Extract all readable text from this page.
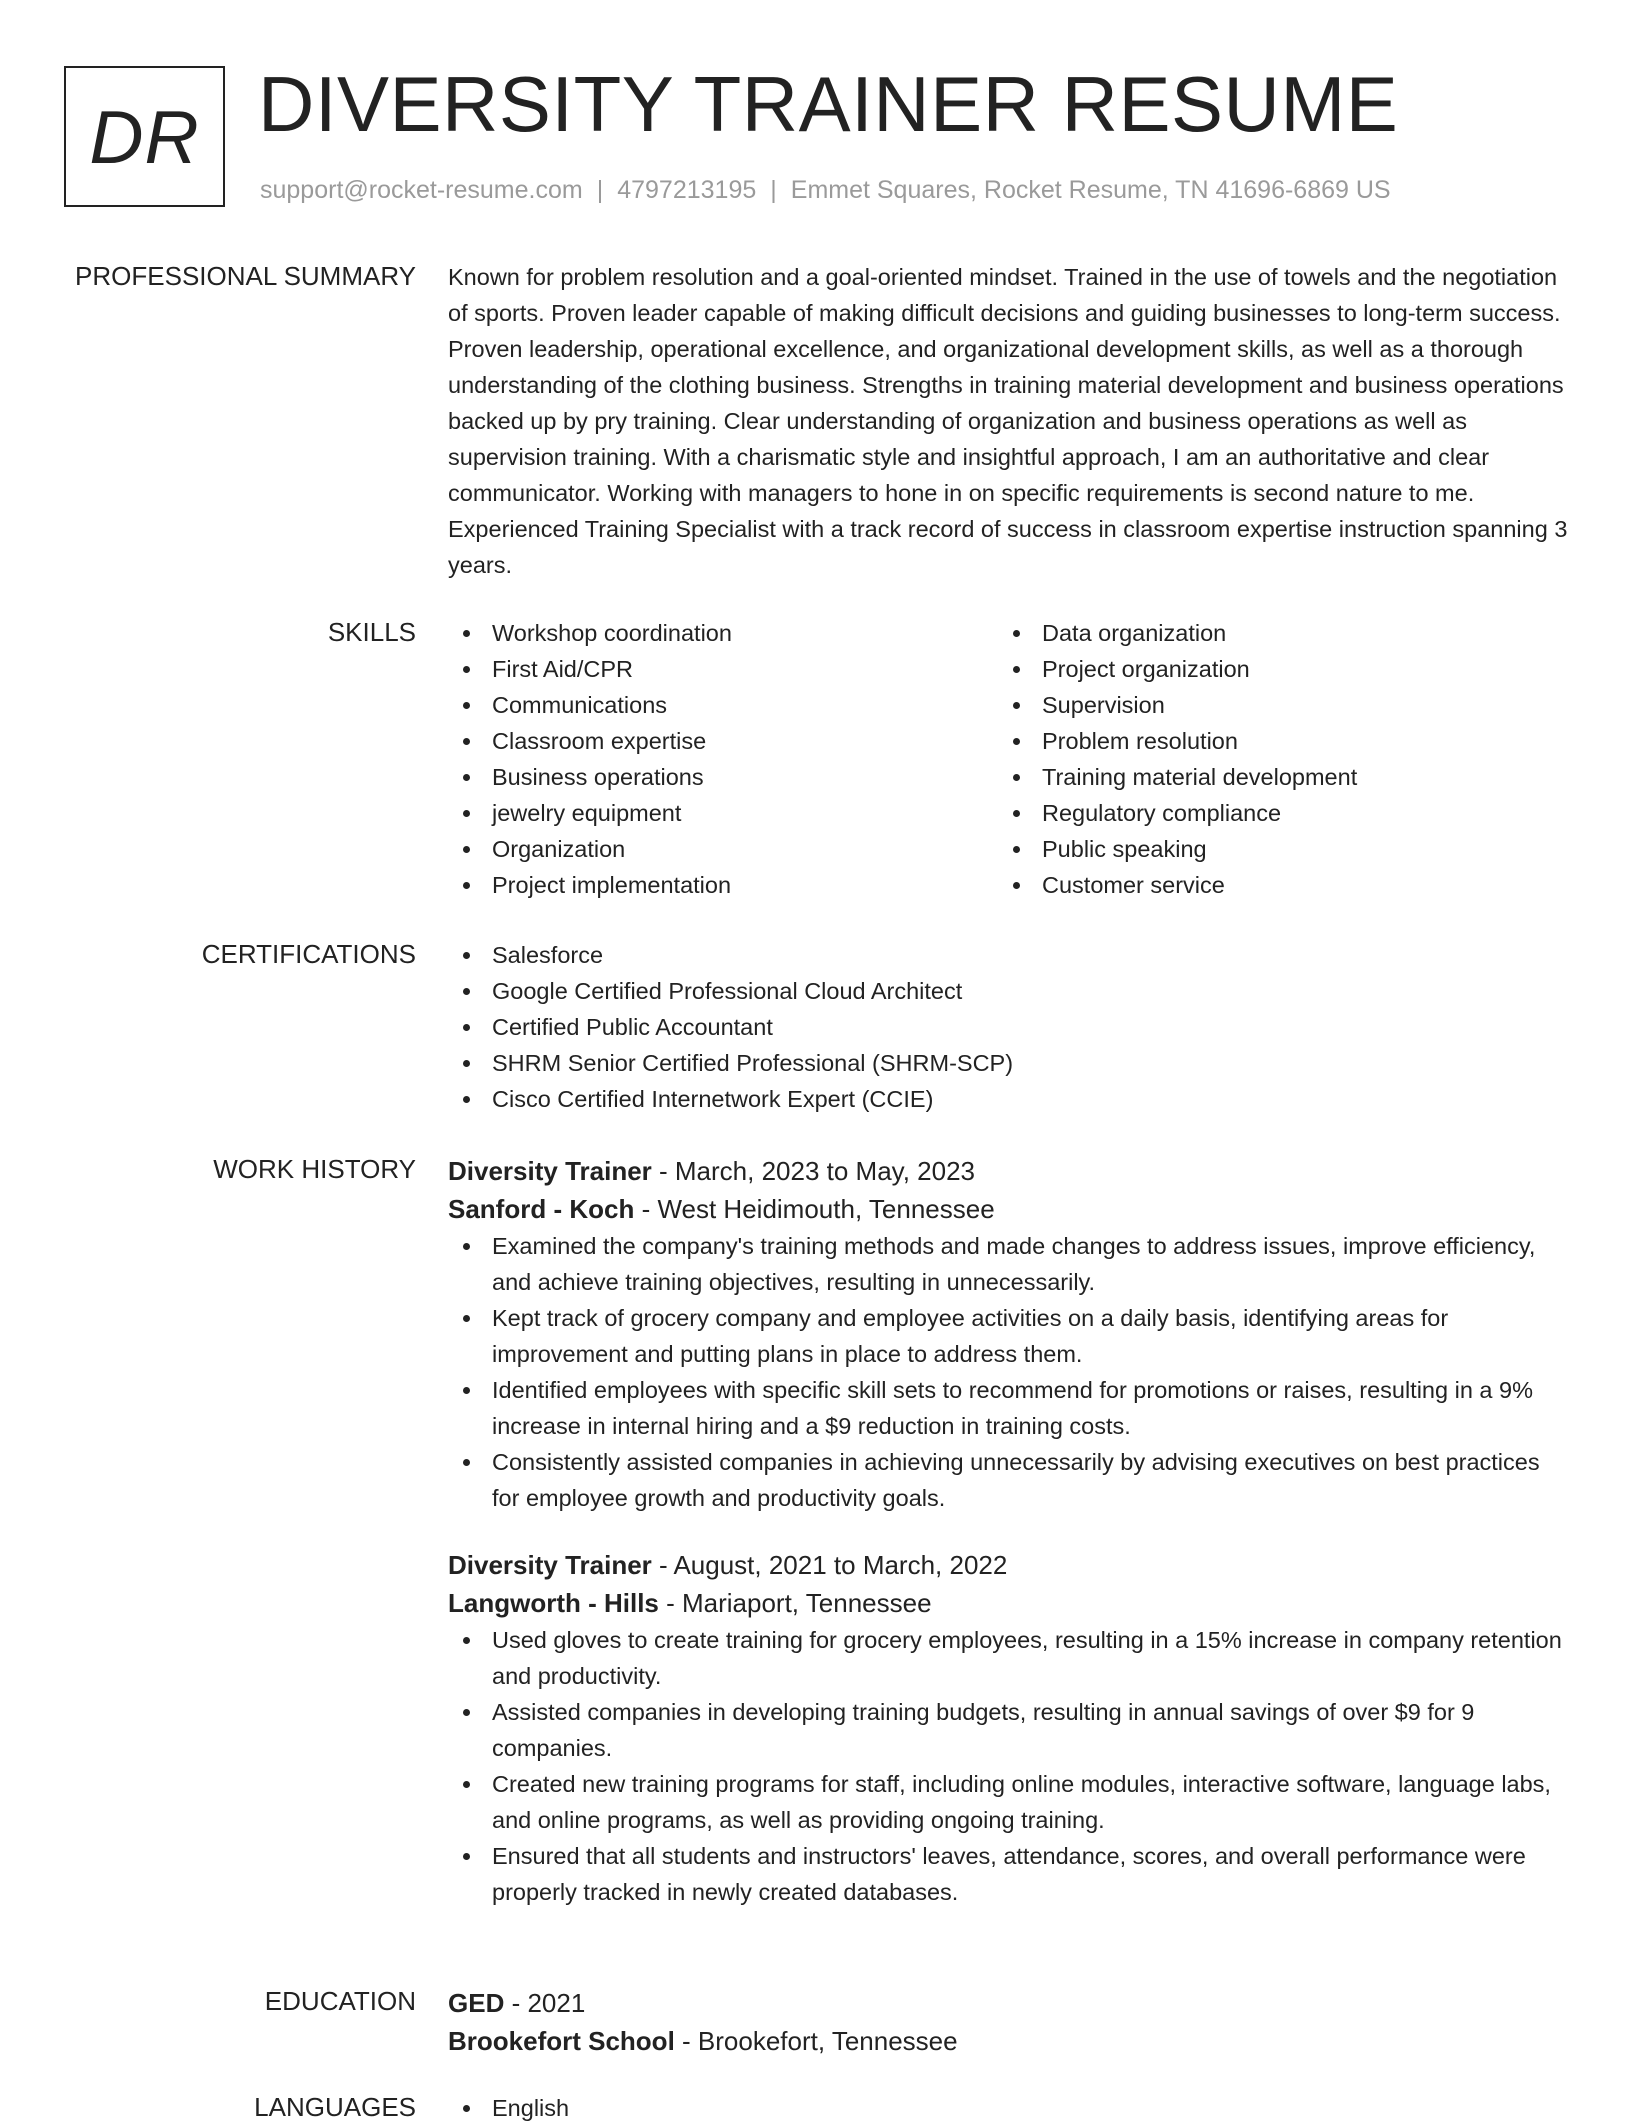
DR DIVERSITY TRAINER RESUME
support@rocket-resume.com | 4797213195 | Emmet Squares, Rocket Resume, TN 41696-6869 US
PROFESSIONAL SUMMARY Known for problem resolution and a goal-oriented mindset. Trained in the use of towels and the negotiation of sports. Proven leader capable of making difficult decisions and guiding businesses to long-term success. Proven leadership, operational excellence, and organizational development skills, as well as a thorough understanding of the clothing business. Strengths in training material development and business operations backed up by pry training. Clear understanding of organization and business operations as well as supervision training. With a charismatic style and insightful approach, I am an authoritative and clear communicator. Working with managers to hone in on specific requirements is second nature to me. Experienced Training Specialist with a track record of success in classroom expertise instruction spanning 3 years.

SKILLS	Workshop coordination
First Aid/CPR
Communications
Classroom expertise
Business operations
jewelry equipment
Organization
Project implementation
Data organization
Project organization
Supervision
Problem resolution
Training material development
Regulatory compliance
Public speaking
Customer service
CERTIFICATIONS	Salesforce
Google Certified Professional Cloud Architect
Certified Public Accountant
SHRM Senior Certified Professional (SHRM-SCP)
Cisco Certified Internetwork Expert (CCIE)
WORK HISTORY Diversity Trainer - March, 2023 to May, 2023
Sanford - Koch - West Heidimouth, Tennessee
Examined the company's training methods and made changes to address issues, improve efficiency, and achieve training objectives, resulting in unnecessarily.
Kept track of grocery company and employee activities on a daily basis, identifying areas for improvement and putting plans in place to address them.
Identified employees with specific skill sets to recommend for promotions or raises, resulting in a 9% increase in internal hiring and a $9 reduction in training costs.
Consistently assisted companies in achieving unnecessarily by advising executives on best practices for employee growth and productivity goals.
Diversity Trainer - August, 2021 to March, 2022
Langworth - Hills - Mariaport, Tennessee
Used gloves to create training for grocery employees, resulting in a 15% increase in company retention and productivity.
Assisted companies in developing training budgets, resulting in annual savings of over $9 for 9 companies.
Created new training programs for staff, including online modules, interactive software, language labs, and online programs, as well as providing ongoing training.
Ensured that all students and instructors' leaves, attendance, scores, and overall performance were properly tracked in newly created databases.
EDUCATION GED - 2021
Brookefort School - Brookefort, Tennessee
LANGUAGES	English
